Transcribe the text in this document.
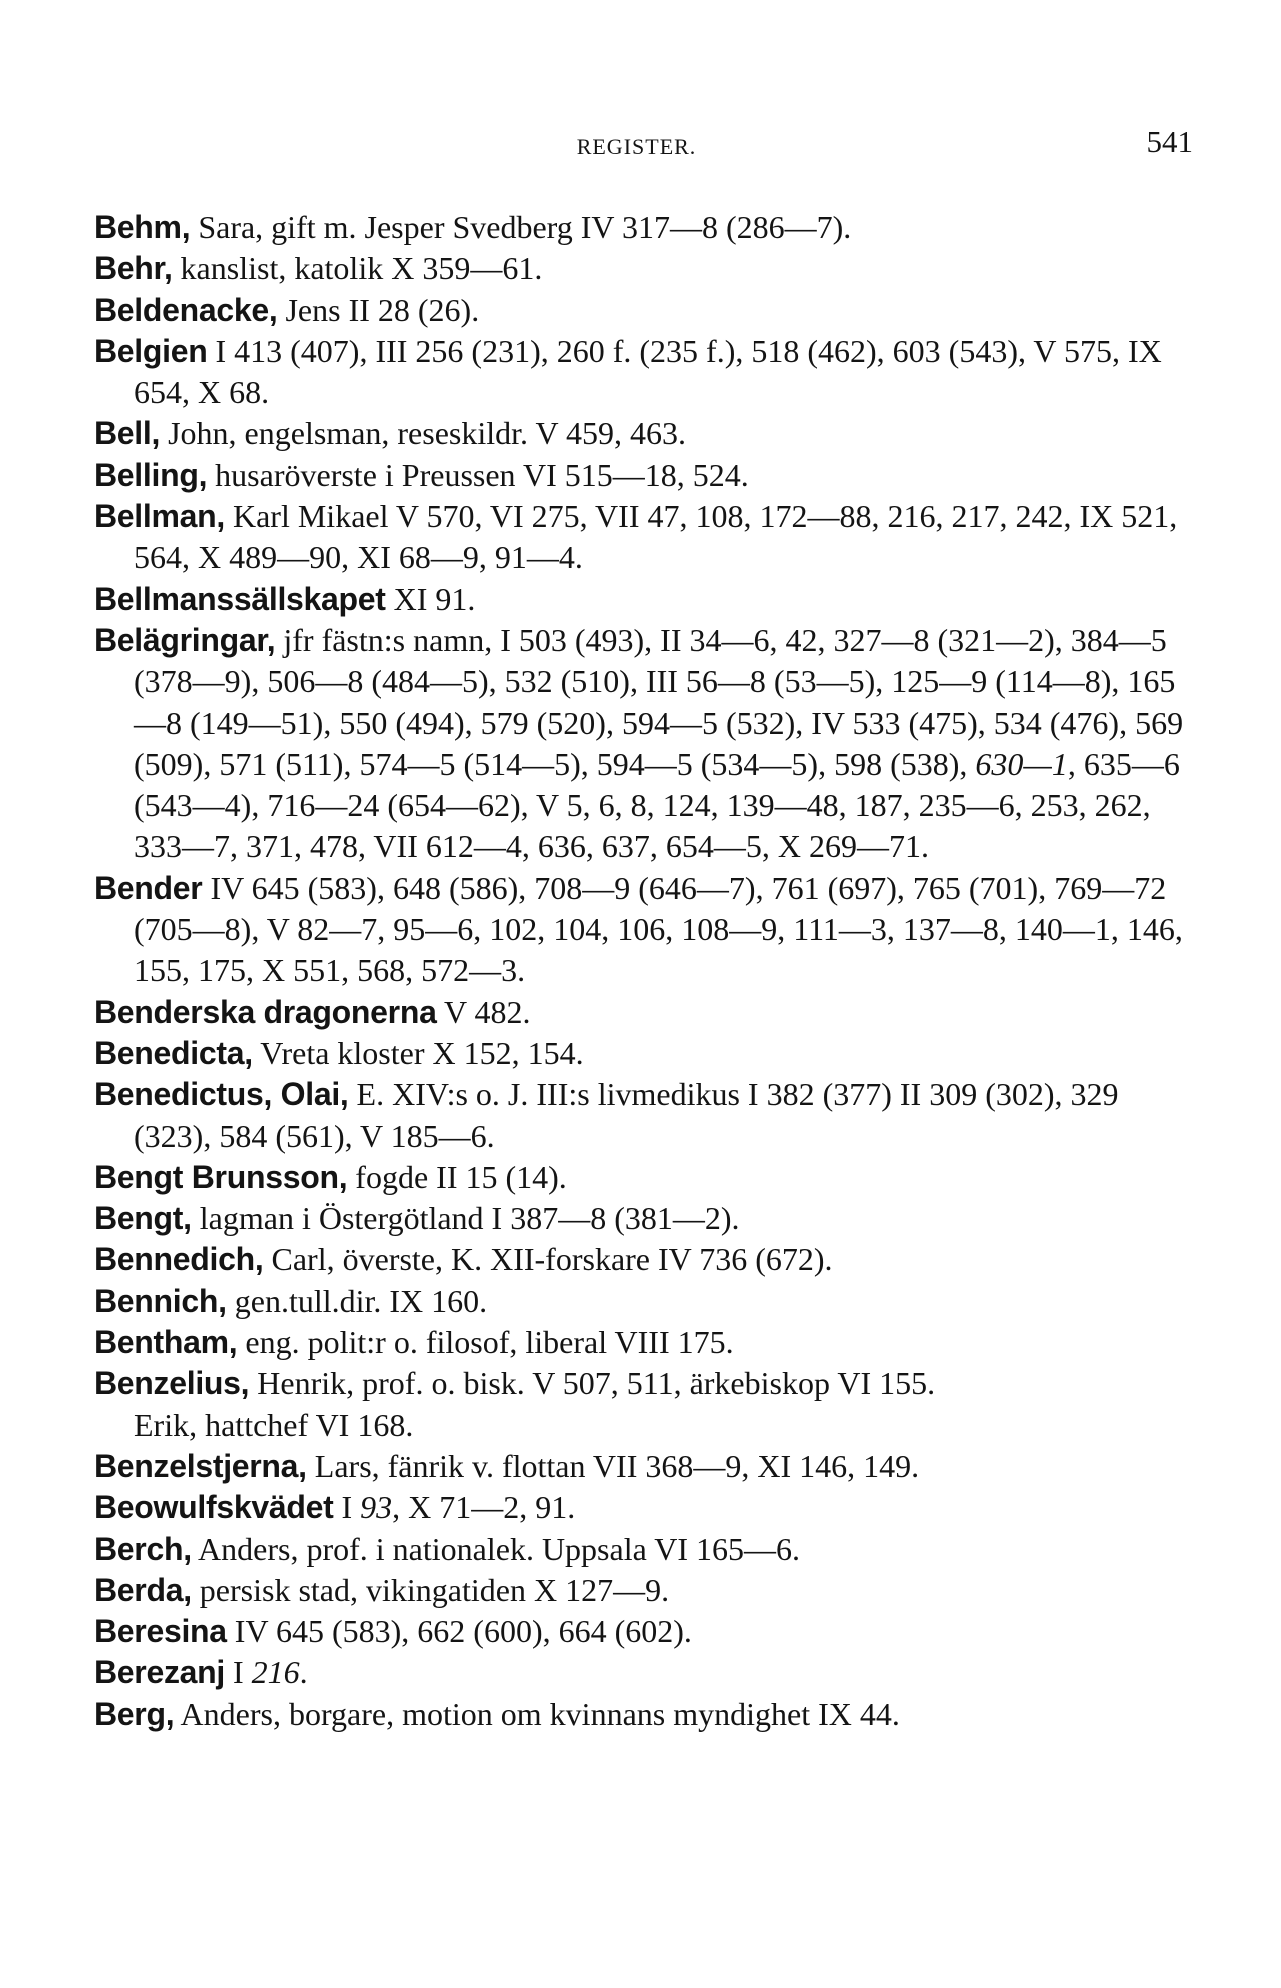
REGISTER.	541
Behm, Sara, gift m. Jesper Svedberg IV 317—8 (286—7).
Behr, kanslist, katolik X 359—61.
Beldenacke, Jens II 28 (26).
Belgien I 413 (407), III 256 (231), 260 f. (235 f.), 518 (462), 603 (543), V 575, IX 654, X 68.
Bell, John, engelsman, reseskildr. V 459, 463.
Belling, husaröverste i Preussen VI 515—18, 524.
Bellman, Karl Mikael V 570, VI 275, VII 47, 108, 172—88, 216, 217, 242, IX 521, 564, X 489—90, XI 68—9, 91—4.
Bellmanssällskapet XI 91.
Belägringar, jfr fästn:s namn, I 503 (493), II 34—6, 42, 327—8 (321—2), 384—5 (378—9), 506—8 (484—5), 532 (510), III 56—8 (53—5), 125—9 (114—8), 165—8 (149—51), 550 (494), 579 (520), 594—5 (532), IV 533 (475), 534 (476), 569 (509), 571 (511), 574—5 (514—5), 594—5 (534—5), 598 (538), 630—1, 635—6 (543—4), 716—24 (654—62), V 5, 6, 8, 124, 139—48, 187, 235—6, 253, 262, 333—7, 371, 478, VII 612—4, 636, 637, 654—5, X 269—71.
Bender IV 645 (583), 648 (586), 708—9 (646—7), 761 (697), 765 (701), 769—72 (705—8), V 82—7, 95—6, 102, 104, 106, 108—9, 111—3, 137—8, 140—1, 146, 155, 175, X 551, 568, 572—3.
Benderska dragonerna V 482.
Benedicta, Vreta kloster X 152, 154.
Benedictus, Olai, E. XIV:s o. J. III:s livmedikus I 382 (377) II 309 (302), 329 (323), 584 (561), V 185—6.
Bengt Brunsson, fogde II 15 (14).
Bengt, lagman i Östergötland I 387—8 (381—2).
Bennedich, Carl, överste, K. XII-forskare IV 736 (672).
Bennich, gen.tull.dir. IX 160.
Bentham, eng. polit:r o. filosof, liberal VIII 175.
Benzelius, Henrik, prof. o. bisk. V 507, 511, ärkebiskop VI 155.
Erik, hattchef VI 168.
Benzelstjerna, Lars, fänrik v. flottan VII 368—9, XI 146, 149.
Beowulfskvädet I 93, X 71—2, 91.
Berch, Anders, prof. i nationalek. Uppsala VI 165—6.
Berda, persisk stad, vikingatiden X 127—9.
Beresina IV 645 (583), 662 (600), 664 (602).
Berezanj I 216.
Berg, Anders, borgare, motion om kvinnans myndighet IX 44.
